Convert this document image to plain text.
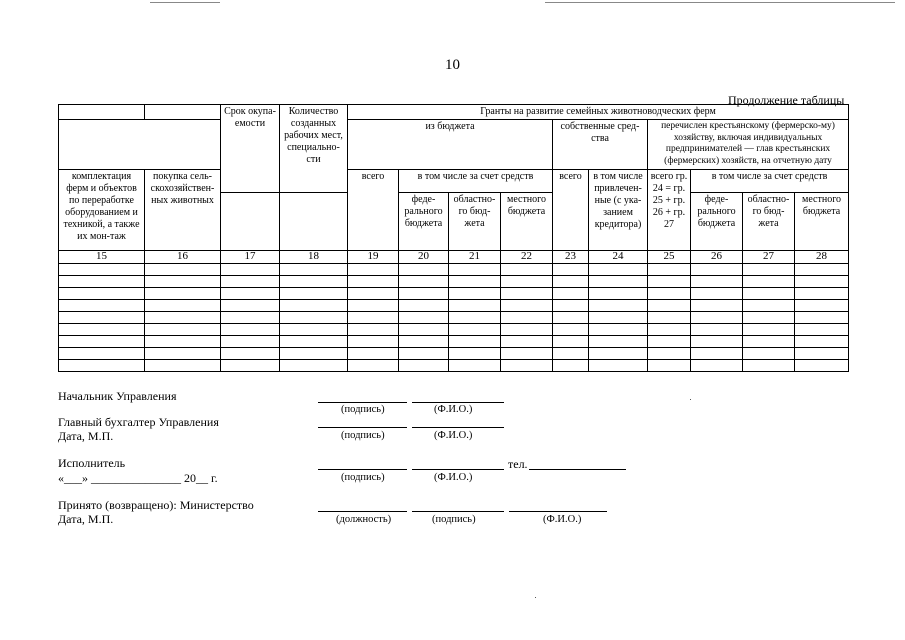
10
Продолжение таблицы
		Срок окупа-емости	Количество созданных рабочих мест, специально-сти	Гранты на развитие семейных животноводческих ферм									
				из бюджета				собственные сред-ства		перечислен крестьянскому (фермерско-му) хозяйству, включая индивидуальных предпринимателей — глав крестьянских (фермерских) хозяйств, на отчетную дату			
комплектация ферм и объектов по переработке оборудованием и техникой, а также их мон-таж	покупка сель-скохозяйствен-ных животных			всего	в том числе за счет средств			всего	в том числе привлечен-ные (с ука-занием кредитора)	всего гр. 24 = гр. 25 + гр. 26 + гр. 27	в том числе за счет средств		
					феде-рального бюджета	областно-го бюд-жета	местного бюджета				феде-рального бюджета	областно-го бюд-жета	местного бюджета
15	16	17	18	19	20	21	22	23	24	25	26	27	28

Начальник Управления
(подпись)	(Ф.И.О.)
Главный бухгалтер Управления
Дата, М.П.	(подпись)	(Ф.И.О.)
Исполнитель
«___» _______________ 20__ г.
тел.
(подпись)	(Ф.И.О.)
Принято (возвращено): Министерство
Дата, М.П.	(должность)	(подпись)	(Ф.И.О.)
